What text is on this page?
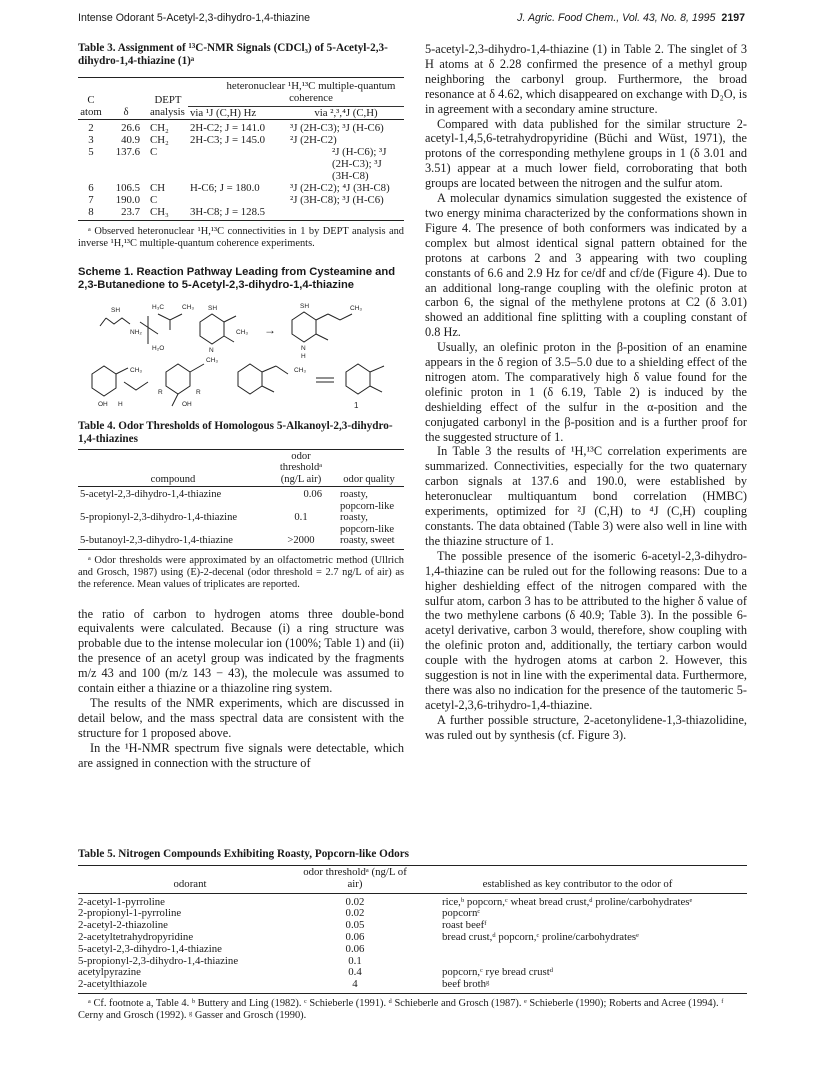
Intense Odorant 5-Acetyl-2,3-dihydro-1,4-thiazine	J. Agric. Food Chem., Vol. 43, No. 8, 1995 2197
Table 3. Assignment of ¹³C-NMR Signals (CDCl₃) of 5-Acetyl-2,3-dihydro-1,4-thiazine (1)ᵃ
C		DEPT	heteronuclear ¹H,¹³C multiple-quantum coherence	
atom	δ	analysis	via ¹J (C,H) Hz	via ²,³,⁴J (C,H)
2	26.6	CH₂	2H-C2; J = 141.0	³J (2H-C3); ³J (H-C6)
3	40.9	CH₂	2H-C3; J = 145.0	²J (2H-C2)
5	137.6	C		²J (H-C6); ³J (2H-C3); ³J (3H-C8)
6	106.5	CH	H-C6; J = 180.0	³J (2H-C2); ⁴J (3H-C8)
7	190.0	C		²J (3H-C8); ³J (H-C6)
8	23.7	CH₃	3H-C8; J = 128.5	
ᵃ Observed heteronuclear ¹H,¹³C connectivities in 1 by DEPT analysis and inverse ¹H,¹³C multiple-quantum coherence experiments.
Scheme 1. Reaction Pathway Leading from Cysteamine and 2,3-Butanedione to 5-Acetyl-2,3-dihydro-1,4-thiazine
SH
NH₂
H₃C	CH₃
H₂O
SH
CH₃
N
→
SH	CH₃
N
H
CH₃
OH H
R	R
OH
CH₃
CH₃
1
Table 4. Odor Thresholds of Homologous 5-Alkanoyl-2,3-dihydro-1,4-thiazines
compound	odor thresholdᵃ (ng/L air)	odor quality
5-acetyl-2,3-dihydro-1,4-thiazine	0.06	roasty, popcorn-like
5-propionyl-2,3-dihydro-1,4-thiazine	0.1	roasty, popcorn-like
5-butanoyl-2,3-dihydro-1,4-thiazine	>2000	roasty, sweet
ᵃ Odor thresholds were approximated by an olfactometric method (Ullrich and Grosch, 1987) using (E)-2-decenal (odor threshold = 2.7 ng/L of air) as the reference. Mean values of triplicates are reported.

the ratio of carbon to hydrogen atoms three double-bond equivalents were calculated. Because (i) a ring structure was probable due to the intense molecular ion (100%; Table 1) and (ii) the presence of an acetyl group was indicated by the fragments m/z 43 and 100 (m/z 143 − 43), the molecule was assumed to contain either a thiazine or a thiazoline ring system.

The results of the NMR experiments, which are discussed in detail below, and the mass spectral data are consistent with the structure for 1 proposed above.

In the ¹H-NMR spectrum five signals were detectable, which are assigned in connection with the structure of

5-acetyl-2,3-dihydro-1,4-thiazine (1) in Table 2. The singlet of 3 H atoms at δ 2.28 confirmed the presence of a methyl group neighboring the carbonyl group. Furthermore, the broad resonance at δ 4.62, which disappeared on exchange with D₂O, is in agreement with a secondary amine structure.

Compared with data published for the similar structure 2-acetyl-1,4,5,6-tetrahydropyridine (Büchi and Wüst, 1971), the protons of the corresponding methylene groups in 1 (δ 3.01 and 3.51) appear at a much lower field, corroborating that both groups are located between the nitrogen and the sulfur atom.

A molecular dynamics simulation suggested the existence of two energy minima characterized by the conformations shown in Figure 4. The presence of both conformers was indicated by a complex but almost identical signal pattern obtained for the protons at carbons 2 and 3 appearing with two coupling constants of 6.6 and 2.9 Hz for ce/df and cf/de (Figure 4). Due to an additional long-range coupling with the olefinic proton at carbon 6, the signal of the methylene protons at C2 (δ 3.01) showed an additional fine splitting with a coupling constant of 0.8 Hz.

Usually, an olefinic proton in the β-position of an enamine appears in the δ region of 3.5–5.0 due to a shielding effect of the nitrogen atom. The comparatively high δ value found for the olefinic proton in 1 (δ 6.19, Table 2) is induced by the deshielding effect of the sulfur in the α-position and the conjugated carbonyl in the β-position and is a further proof for the suggested structure of 1.

In Table 3 the results of ¹H,¹³C correlation experiments are summarized. Connectivities, especially for the two quaternary carbon signals at 137.6 and 190.0, were established by heteronuclear multiquantum bond correlation (HMBC) experiments, optimized for ²J (C,H) to ⁴J (C,H) coupling constants. The data obtained (Table 3) were also well in line with the thiazine structure of 1.

The possible presence of the isomeric 6-acetyl-2,3-dihydro-1,4-thiazine can be ruled out for the following reasons: Due to a higher deshielding effect of the nitrogen compared with the sulfur atom, carbon 3 has to be attributed to the higher δ value of the two methylene carbons (δ 40.9; Table 3). In the possible 6-acetyl derivative, carbon 3 would, therefore, show coupling with the olefinic proton and, additionally, the tertiary carbon would couple with the hydrogen atoms at carbon 2. However, this suggestion is not in line with the experimental data. Furthermore, there was also no indication for the presence of the tautomeric 5-acetyl-2,3,6-trihydro-1,4-thiazine.

A further possible structure, 2-acetonylidene-1,3-thiazolidine, was ruled out by synthesis (cf. Figure 3).

Table 5. Nitrogen Compounds Exhibiting Roasty, Popcorn-like Odors
odorant	odor thresholdᵃ (ng/L of air)	established as key contributor to the odor of
2-acetyl-1-pyrroline	0.02	rice,ᵇ popcorn,ᶜ wheat bread crust,ᵈ proline/carbohydratesᵉ
2-propionyl-1-pyrroline	0.02	popcornᶜ
2-acetyl-2-thiazoline	0.05	roast beefᶠ
2-acetyltetrahydropyridine	0.06	bread crust,ᵈ popcorn,ᶜ proline/carbohydratesᵉ
5-acetyl-2,3-dihydro-1,4-thiazine	0.06	
5-propionyl-2,3-dihydro-1,4-thiazine	0.1	
acetylpyrazine	0.4	popcorn,ᶜ rye bread crustᵈ
2-acetylthiazole	4	beef brothᵍ
ᵃ Cf. footnote a, Table 4. ᵇ Buttery and Ling (1982). ᶜ Schieberle (1991). ᵈ Schieberle and Grosch (1987). ᵉ Schieberle (1990); Roberts and Acree (1994). ᶠ Cerny and Grosch (1992). ᵍ Gasser and Grosch (1990).
